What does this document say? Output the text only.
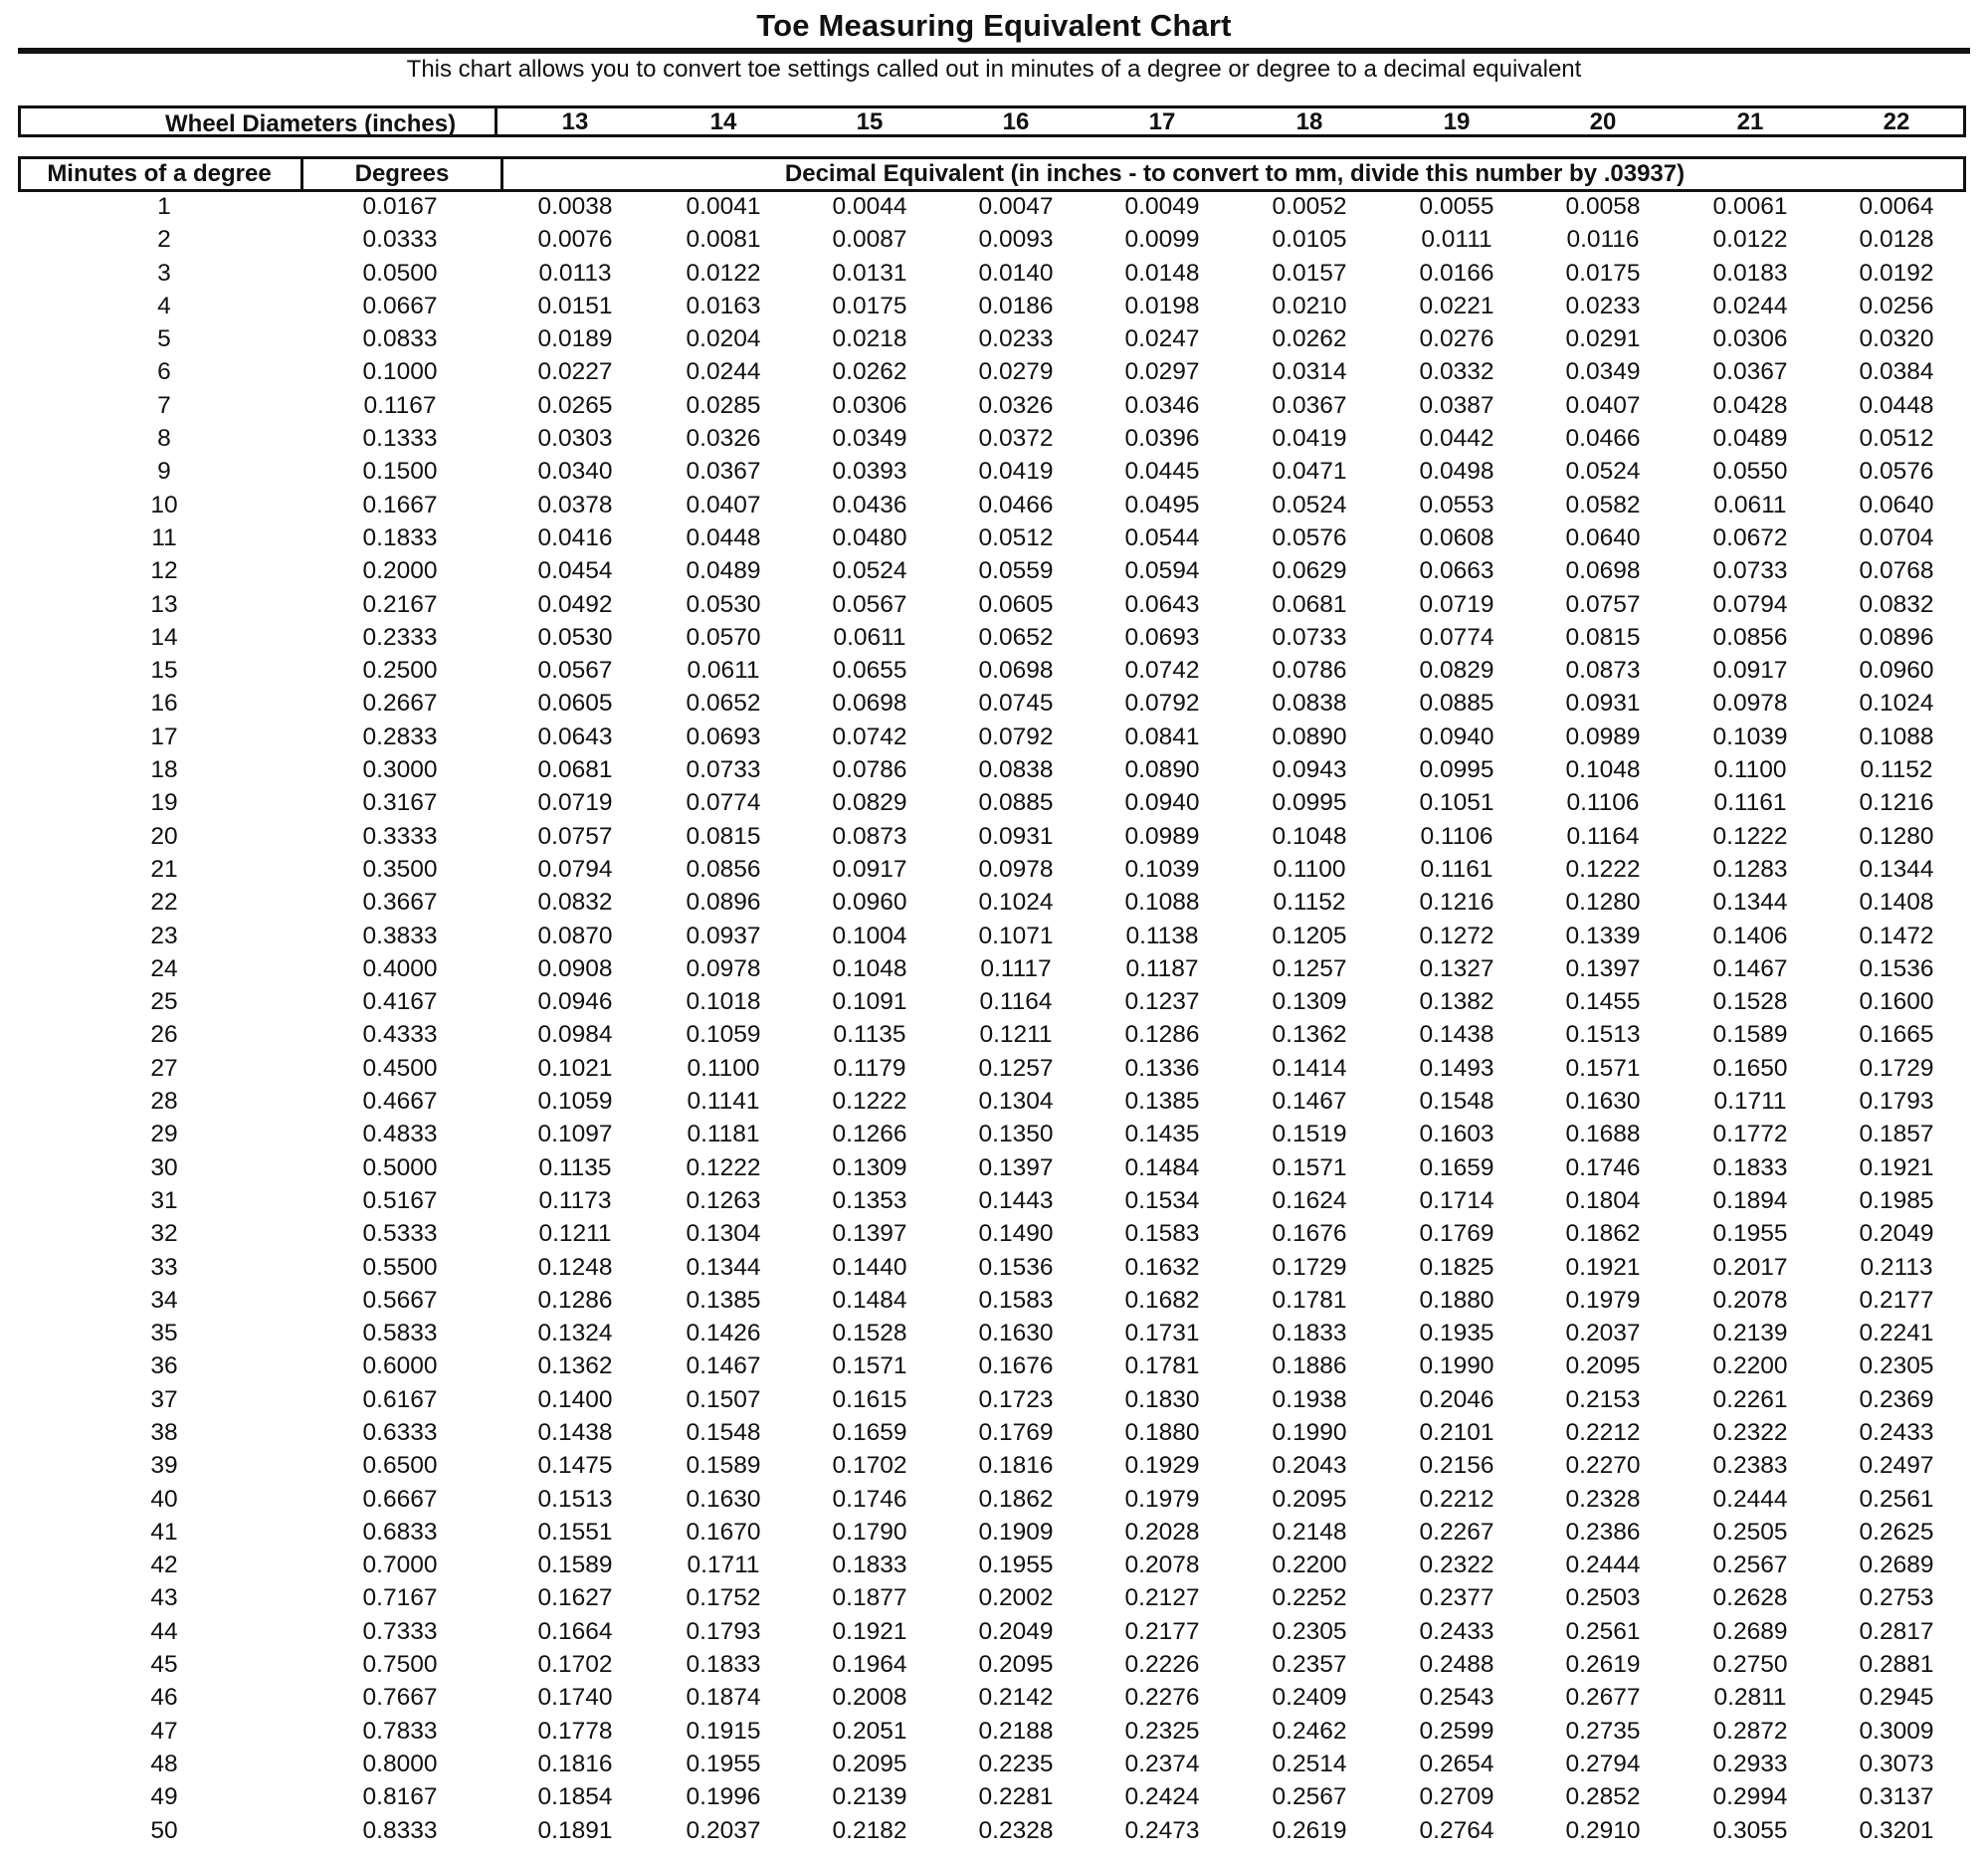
Toe Measuring Equivalent Chart
This chart allows you to convert toe settings called out in minutes of a degree or degree to a decimal equivalent
Wheel Diameters (inches)	13	14	15	16	17	18	19	20	21	22
Minutes of a degree	Degrees	Decimal Equivalent (in inches - to convert to mm, divide this number by .03937)
1	0.0167	0.0038	0.0041	0.0044	0.0047	0.0049	0.0052	0.0055	0.0058	0.0061	0.0064
2	0.0333	0.0076	0.0081	0.0087	0.0093	0.0099	0.0105	0.0111	0.0116	0.0122	0.0128
3	0.0500	0.0113	0.0122	0.0131	0.0140	0.0148	0.0157	0.0166	0.0175	0.0183	0.0192
4	0.0667	0.0151	0.0163	0.0175	0.0186	0.0198	0.0210	0.0221	0.0233	0.0244	0.0256
5	0.0833	0.0189	0.0204	0.0218	0.0233	0.0247	0.0262	0.0276	0.0291	0.0306	0.0320
6	0.1000	0.0227	0.0244	0.0262	0.0279	0.0297	0.0314	0.0332	0.0349	0.0367	0.0384
7	0.1167	0.0265	0.0285	0.0306	0.0326	0.0346	0.0367	0.0387	0.0407	0.0428	0.0448
8	0.1333	0.0303	0.0326	0.0349	0.0372	0.0396	0.0419	0.0442	0.0466	0.0489	0.0512
9	0.1500	0.0340	0.0367	0.0393	0.0419	0.0445	0.0471	0.0498	0.0524	0.0550	0.0576
10	0.1667	0.0378	0.0407	0.0436	0.0466	0.0495	0.0524	0.0553	0.0582	0.0611	0.0640
11	0.1833	0.0416	0.0448	0.0480	0.0512	0.0544	0.0576	0.0608	0.0640	0.0672	0.0704
12	0.2000	0.0454	0.0489	0.0524	0.0559	0.0594	0.0629	0.0663	0.0698	0.0733	0.0768
13	0.2167	0.0492	0.0530	0.0567	0.0605	0.0643	0.0681	0.0719	0.0757	0.0794	0.0832
14	0.2333	0.0530	0.0570	0.0611	0.0652	0.0693	0.0733	0.0774	0.0815	0.0856	0.0896
15	0.2500	0.0567	0.0611	0.0655	0.0698	0.0742	0.0786	0.0829	0.0873	0.0917	0.0960
16	0.2667	0.0605	0.0652	0.0698	0.0745	0.0792	0.0838	0.0885	0.0931	0.0978	0.1024
17	0.2833	0.0643	0.0693	0.0742	0.0792	0.0841	0.0890	0.0940	0.0989	0.1039	0.1088
18	0.3000	0.0681	0.0733	0.0786	0.0838	0.0890	0.0943	0.0995	0.1048	0.1100	0.1152
19	0.3167	0.0719	0.0774	0.0829	0.0885	0.0940	0.0995	0.1051	0.1106	0.1161	0.1216
20	0.3333	0.0757	0.0815	0.0873	0.0931	0.0989	0.1048	0.1106	0.1164	0.1222	0.1280
21	0.3500	0.0794	0.0856	0.0917	0.0978	0.1039	0.1100	0.1161	0.1222	0.1283	0.1344
22	0.3667	0.0832	0.0896	0.0960	0.1024	0.1088	0.1152	0.1216	0.1280	0.1344	0.1408
23	0.3833	0.0870	0.0937	0.1004	0.1071	0.1138	0.1205	0.1272	0.1339	0.1406	0.1472
24	0.4000	0.0908	0.0978	0.1048	0.1117	0.1187	0.1257	0.1327	0.1397	0.1467	0.1536
25	0.4167	0.0946	0.1018	0.1091	0.1164	0.1237	0.1309	0.1382	0.1455	0.1528	0.1600
26	0.4333	0.0984	0.1059	0.1135	0.1211	0.1286	0.1362	0.1438	0.1513	0.1589	0.1665
27	0.4500	0.1021	0.1100	0.1179	0.1257	0.1336	0.1414	0.1493	0.1571	0.1650	0.1729
28	0.4667	0.1059	0.1141	0.1222	0.1304	0.1385	0.1467	0.1548	0.1630	0.1711	0.1793
29	0.4833	0.1097	0.1181	0.1266	0.1350	0.1435	0.1519	0.1603	0.1688	0.1772	0.1857
30	0.5000	0.1135	0.1222	0.1309	0.1397	0.1484	0.1571	0.1659	0.1746	0.1833	0.1921
31	0.5167	0.1173	0.1263	0.1353	0.1443	0.1534	0.1624	0.1714	0.1804	0.1894	0.1985
32	0.5333	0.1211	0.1304	0.1397	0.1490	0.1583	0.1676	0.1769	0.1862	0.1955	0.2049
33	0.5500	0.1248	0.1344	0.1440	0.1536	0.1632	0.1729	0.1825	0.1921	0.2017	0.2113
34	0.5667	0.1286	0.1385	0.1484	0.1583	0.1682	0.1781	0.1880	0.1979	0.2078	0.2177
35	0.5833	0.1324	0.1426	0.1528	0.1630	0.1731	0.1833	0.1935	0.2037	0.2139	0.2241
36	0.6000	0.1362	0.1467	0.1571	0.1676	0.1781	0.1886	0.1990	0.2095	0.2200	0.2305
37	0.6167	0.1400	0.1507	0.1615	0.1723	0.1830	0.1938	0.2046	0.2153	0.2261	0.2369
38	0.6333	0.1438	0.1548	0.1659	0.1769	0.1880	0.1990	0.2101	0.2212	0.2322	0.2433
39	0.6500	0.1475	0.1589	0.1702	0.1816	0.1929	0.2043	0.2156	0.2270	0.2383	0.2497
40	0.6667	0.1513	0.1630	0.1746	0.1862	0.1979	0.2095	0.2212	0.2328	0.2444	0.2561
41	0.6833	0.1551	0.1670	0.1790	0.1909	0.2028	0.2148	0.2267	0.2386	0.2505	0.2625
42	0.7000	0.1589	0.1711	0.1833	0.1955	0.2078	0.2200	0.2322	0.2444	0.2567	0.2689
43	0.7167	0.1627	0.1752	0.1877	0.2002	0.2127	0.2252	0.2377	0.2503	0.2628	0.2753
44	0.7333	0.1664	0.1793	0.1921	0.2049	0.2177	0.2305	0.2433	0.2561	0.2689	0.2817
45	0.7500	0.1702	0.1833	0.1964	0.2095	0.2226	0.2357	0.2488	0.2619	0.2750	0.2881
46	0.7667	0.1740	0.1874	0.2008	0.2142	0.2276	0.2409	0.2543	0.2677	0.2811	0.2945
47	0.7833	0.1778	0.1915	0.2051	0.2188	0.2325	0.2462	0.2599	0.2735	0.2872	0.3009
48	0.8000	0.1816	0.1955	0.2095	0.2235	0.2374	0.2514	0.2654	0.2794	0.2933	0.3073
49	0.8167	0.1854	0.1996	0.2139	0.2281	0.2424	0.2567	0.2709	0.2852	0.2994	0.3137
50	0.8333	0.1891	0.2037	0.2182	0.2328	0.2473	0.2619	0.2764	0.2910	0.3055	0.3201
